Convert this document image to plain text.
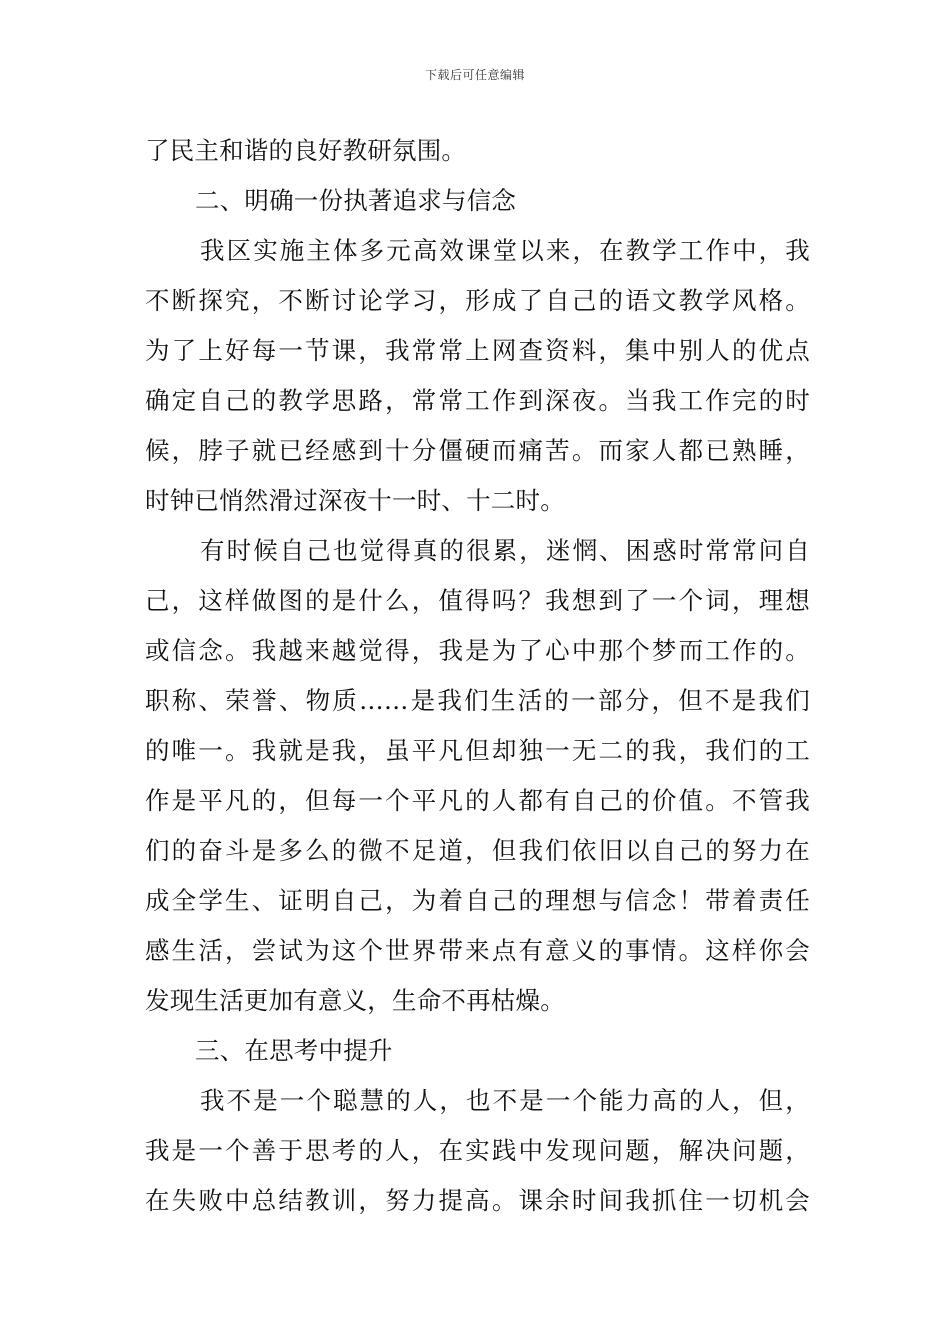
下载后可任意编辑
了民主和谐的良好教研氛围。
二、明确一份执著追求与信念
我区实施主体多元高效课堂以来，在教学工作中，我
不断探究，不断讨论学习，形成了自己的语文教学风格。
为了上好每一节课，我常常上网查资料，集中别人的优点
确定自己的教学思路，常常工作到深夜。当我工作完的时
候，脖子就已经感到十分僵硬而痛苦。而家人都已熟睡，
时钟已悄然滑过深夜十一时、十二时。
有时候自己也觉得真的很累，迷惘、困惑时常常问自
己，这样做图的是什么，值得吗？我想到了一个词，理想
或信念。我越来越觉得，我是为了心中那个梦而工作的。
职称、荣誉、物质……是我们生活的一部分，但不是我们
的唯一。我就是我，虽平凡但却独一无二的我，我们的工
作是平凡的，但每一个平凡的人都有自己的价值。不管我
们的奋斗是多么的微不足道，但我们依旧以自己的努力在
成全学生、证明自己，为着自己的理想与信念！带着责任
感生活，尝试为这个世界带来点有意义的事情。这样你会
发现生活更加有意义，生命不再枯燥。
三、在思考中提升
我不是一个聪慧的人，也不是一个能力高的人，但，
我是一个善于思考的人，在实践中发现问题，解决问题，
在失败中总结教训，努力提高。课余时间我抓住一切机会
